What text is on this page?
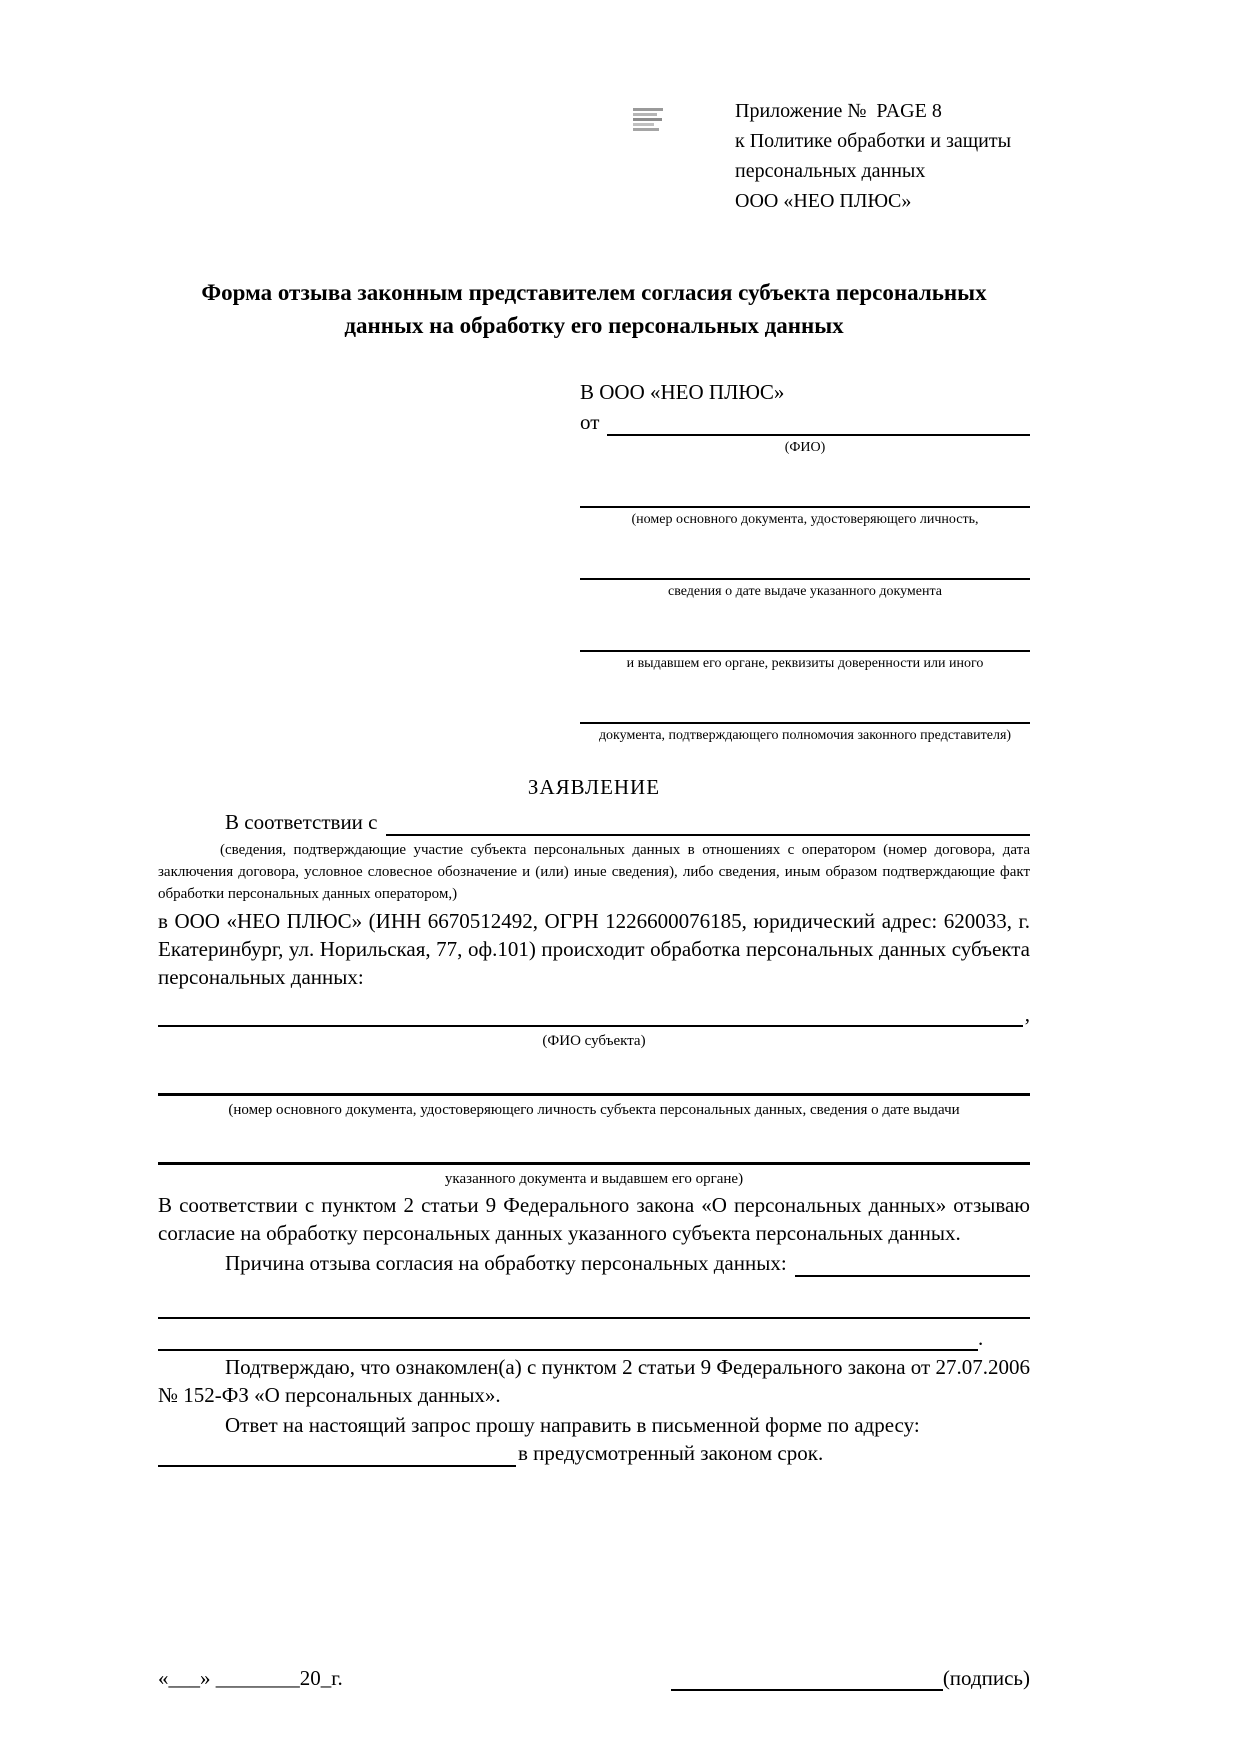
Приложение №  PAGE 8
к Политике обработки и защиты
персональных данных
ООО «НЕО ПЛЮС»
Форма отзыва законным представителем согласия субъекта персональных данных на обработку его персональных данных
В ООО «НЕО ПЛЮС»
от
(ФИО)
(номер основного документа, удостоверяющего личность,
сведения о дате выдаче указанного документа
и выдавшем его органе, реквизиты доверенности или иного
документа, подтверждающего полномочия законного представителя)
ЗАЯВЛЕНИЕ
В соответствии с
(сведения, подтверждающие участие субъекта персональных данных в отношениях с оператором (номер договора, дата заключения договора, условное словесное обозначение и (или) иные сведения), либо сведения, иным образом подтверждающие факт обработки персональных данных оператором,)
в ООО «НЕО ПЛЮС» (ИНН 6670512492, ОГРН 1226600076185, юридический адрес: 620033, г. Екатеринбург, ул. Норильская, 77, оф.101) происходит обработка персональных данных субъекта персональных данных:
,
(ФИО субъекта)
(номер основного документа, удостоверяющего личность субъекта персональных данных, сведения о дате выдачи
указанного документа и выдавшем его органе)
В соответствии с пунктом 2 статьи 9 Федерального закона «О персональных данных» отзываю согласие на обработку персональных данных указанного субъекта персональных данных.
Причина отзыва согласия на обработку персональных данных:
.
Подтверждаю, что ознакомлен(а) с пунктом 2 статьи 9 Федерального закона от 27.07.2006 № 152-ФЗ «О персональных данных».
Ответ на настоящий запрос прошу направить в письменной форме по адресу:
в предусмотренный законом срок.
«___» ________20_г.	(подпись)
